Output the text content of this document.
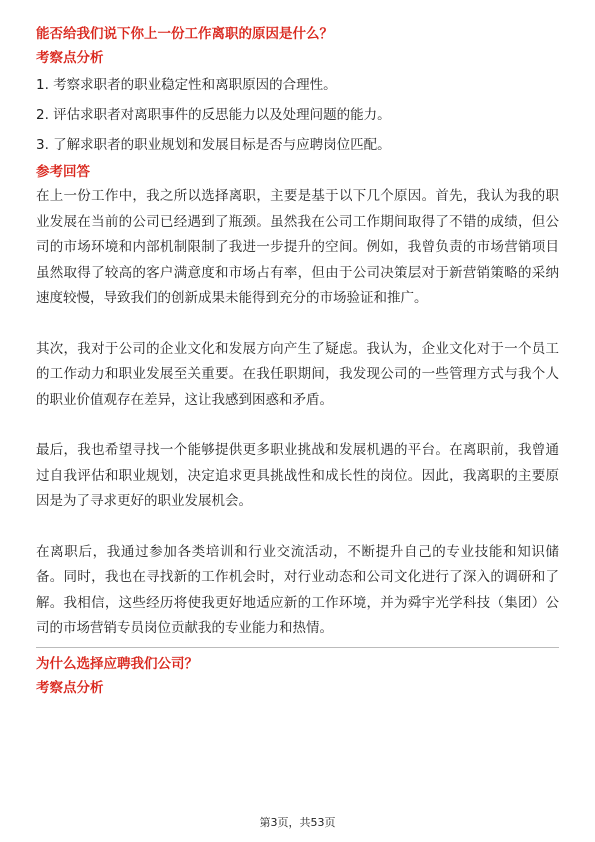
能否给我们说下你上一份工作离职的原因是什么？

考察点分析

1. 考察求职者的职业稳定性和离职原因的合理性。

2. 评估求职者对离职事件的反思能力以及处理问题的能力。

3. 了解求职者的职业规划和发展目标是否与应聘岗位匹配。

参考回答

在上一份工作中，我之所以选择离职，主要是基于以下几个原因。首先，我认为我的职业发展在当前的公司已经遇到了瓶颈。虽然我在公司工作期间取得了不错的成绩，但公司的市场环境和内部机制限制了我进一步提升的空间。例如，我曾负责的市场营销项目虽然取得了较高的客户满意度和市场占有率，但由于公司决策层对于新营销策略的采纳速度较慢，导致我们的创新成果未能得到充分的市场验证和推广。

其次，我对于公司的企业文化和发展方向产生了疑虑。我认为，企业文化对于一个员工的工作动力和职业发展至关重要。在我任职期间，我发现公司的一些管理方式与我个人的职业价值观存在差异，这让我感到困惑和矛盾。

最后，我也希望寻找一个能够提供更多职业挑战和发展机遇的平台。在离职前，我曾通过自我评估和职业规划，决定追求更具挑战性和成长性的岗位。因此，我离职的主要原因是为了寻求更好的职业发展机会。

在离职后，我通过参加各类培训和行业交流活动，不断提升自己的专业技能和知识储备。同时，我也在寻找新的工作机会时，对行业动态和公司文化进行了深入的调研和了解。我相信，这些经历将使我更好地适应新的工作环境，并为舜宇光学科技（集团）公司的市场营销专员岗位贡献我的专业能力和热情。

为什么选择应聘我们公司？

考察点分析

第3页，共53页
